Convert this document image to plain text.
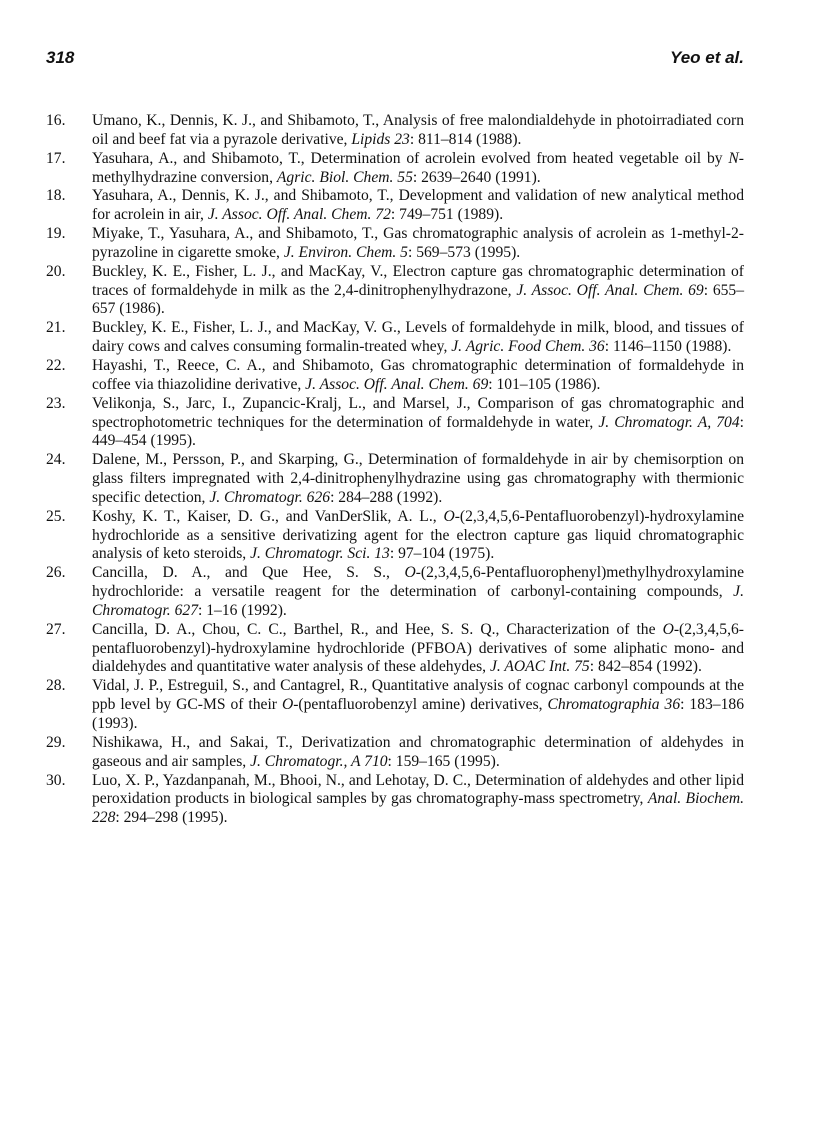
318	Yeo et al.
16. Umano, K., Dennis, K. J., and Shibamoto, T., Analysis of free malondialdehyde in photoirradiated corn oil and beef fat via a pyrazole derivative, Lipids 23: 811–814 (1988).
17. Yasuhara, A., and Shibamoto, T., Determination of acrolein evolved from heated vegetable oil by N-methylhydrazine conversion, Agric. Biol. Chem. 55: 2639–2640 (1991).
18. Yasuhara, A., Dennis, K. J., and Shibamoto, T., Development and validation of new analytical method for acrolein in air, J. Assoc. Off. Anal. Chem. 72: 749–751 (1989).
19. Miyake, T., Yasuhara, A., and Shibamoto, T., Gas chromatographic analysis of acrolein as 1-methyl-2-pyrazoline in cigarette smoke, J. Environ. Chem. 5: 569–573 (1995).
20. Buckley, K. E., Fisher, L. J., and MacKay, V., Electron capture gas chromatographic determination of traces of formaldehyde in milk as the 2,4-dinitrophenylhydrazone, J. Assoc. Off. Anal. Chem. 69: 655–657 (1986).
21. Buckley, K. E., Fisher, L. J., and MacKay, V. G., Levels of formaldehyde in milk, blood, and tissues of dairy cows and calves consuming formalin-treated whey, J. Agric. Food Chem. 36: 1146–1150 (1988).
22. Hayashi, T., Reece, C. A., and Shibamoto, Gas chromatographic determination of formaldehyde in coffee via thiazolidine derivative, J. Assoc. Off. Anal. Chem. 69: 101–105 (1986).
23. Velikonja, S., Jarc, I., Zupancic-Kralj, L., and Marsel, J., Comparison of gas chromatographic and spectrophotometric techniques for the determination of formaldehyde in water, J. Chromatogr. A, 704: 449–454 (1995).
24. Dalene, M., Persson, P., and Skarping, G., Determination of formaldehyde in air by chemisorption on glass filters impregnated with 2,4-dinitrophenylhydrazine using gas chromatography with thermionic specific detection, J. Chromatogr. 626: 284–288 (1992).
25. Koshy, K. T., Kaiser, D. G., and VanDerSlik, A. L., O-(2,3,4,5,6-Pentafluorobenzyl)-hydroxylamine hydrochloride as a sensitive derivatizing agent for the electron capture gas liquid chromatographic analysis of keto steroids, J. Chromatogr. Sci. 13: 97–104 (1975).
26. Cancilla, D. A., and Que Hee, S. S., O-(2,3,4,5,6-Pentafluorophenyl)methylhydroxylamine hydrochloride: a versatile reagent for the determination of carbonyl-containing compounds, J. Chromatogr. 627: 1–16 (1992).
27. Cancilla, D. A., Chou, C. C., Barthel, R., and Hee, S. S. Q., Characterization of the O-(2,3,4,5,6-pentafluorobenzyl)-hydroxylamine hydrochloride (PFBOA) derivatives of some aliphatic mono- and dialdehydes and quantitative water analysis of these aldehydes, J. AOAC Int. 75: 842–854 (1992).
28. Vidal, J. P., Estreguil, S., and Cantagrel, R., Quantitative analysis of cognac carbonyl compounds at the ppb level by GC-MS of their O-(pentafluorobenzyl amine) derivatives, Chromatographia 36: 183–186 (1993).
29. Nishikawa, H., and Sakai, T., Derivatization and chromatographic determination of aldehydes in gaseous and air samples, J. Chromatogr., A 710: 159–165 (1995).
30. Luo, X. P., Yazdanpanah, M., Bhooi, N., and Lehotay, D. C., Determination of aldehydes and other lipid peroxidation products in biological samples by gas chromatography-mass spectrometry, Anal. Biochem. 228: 294–298 (1995).
